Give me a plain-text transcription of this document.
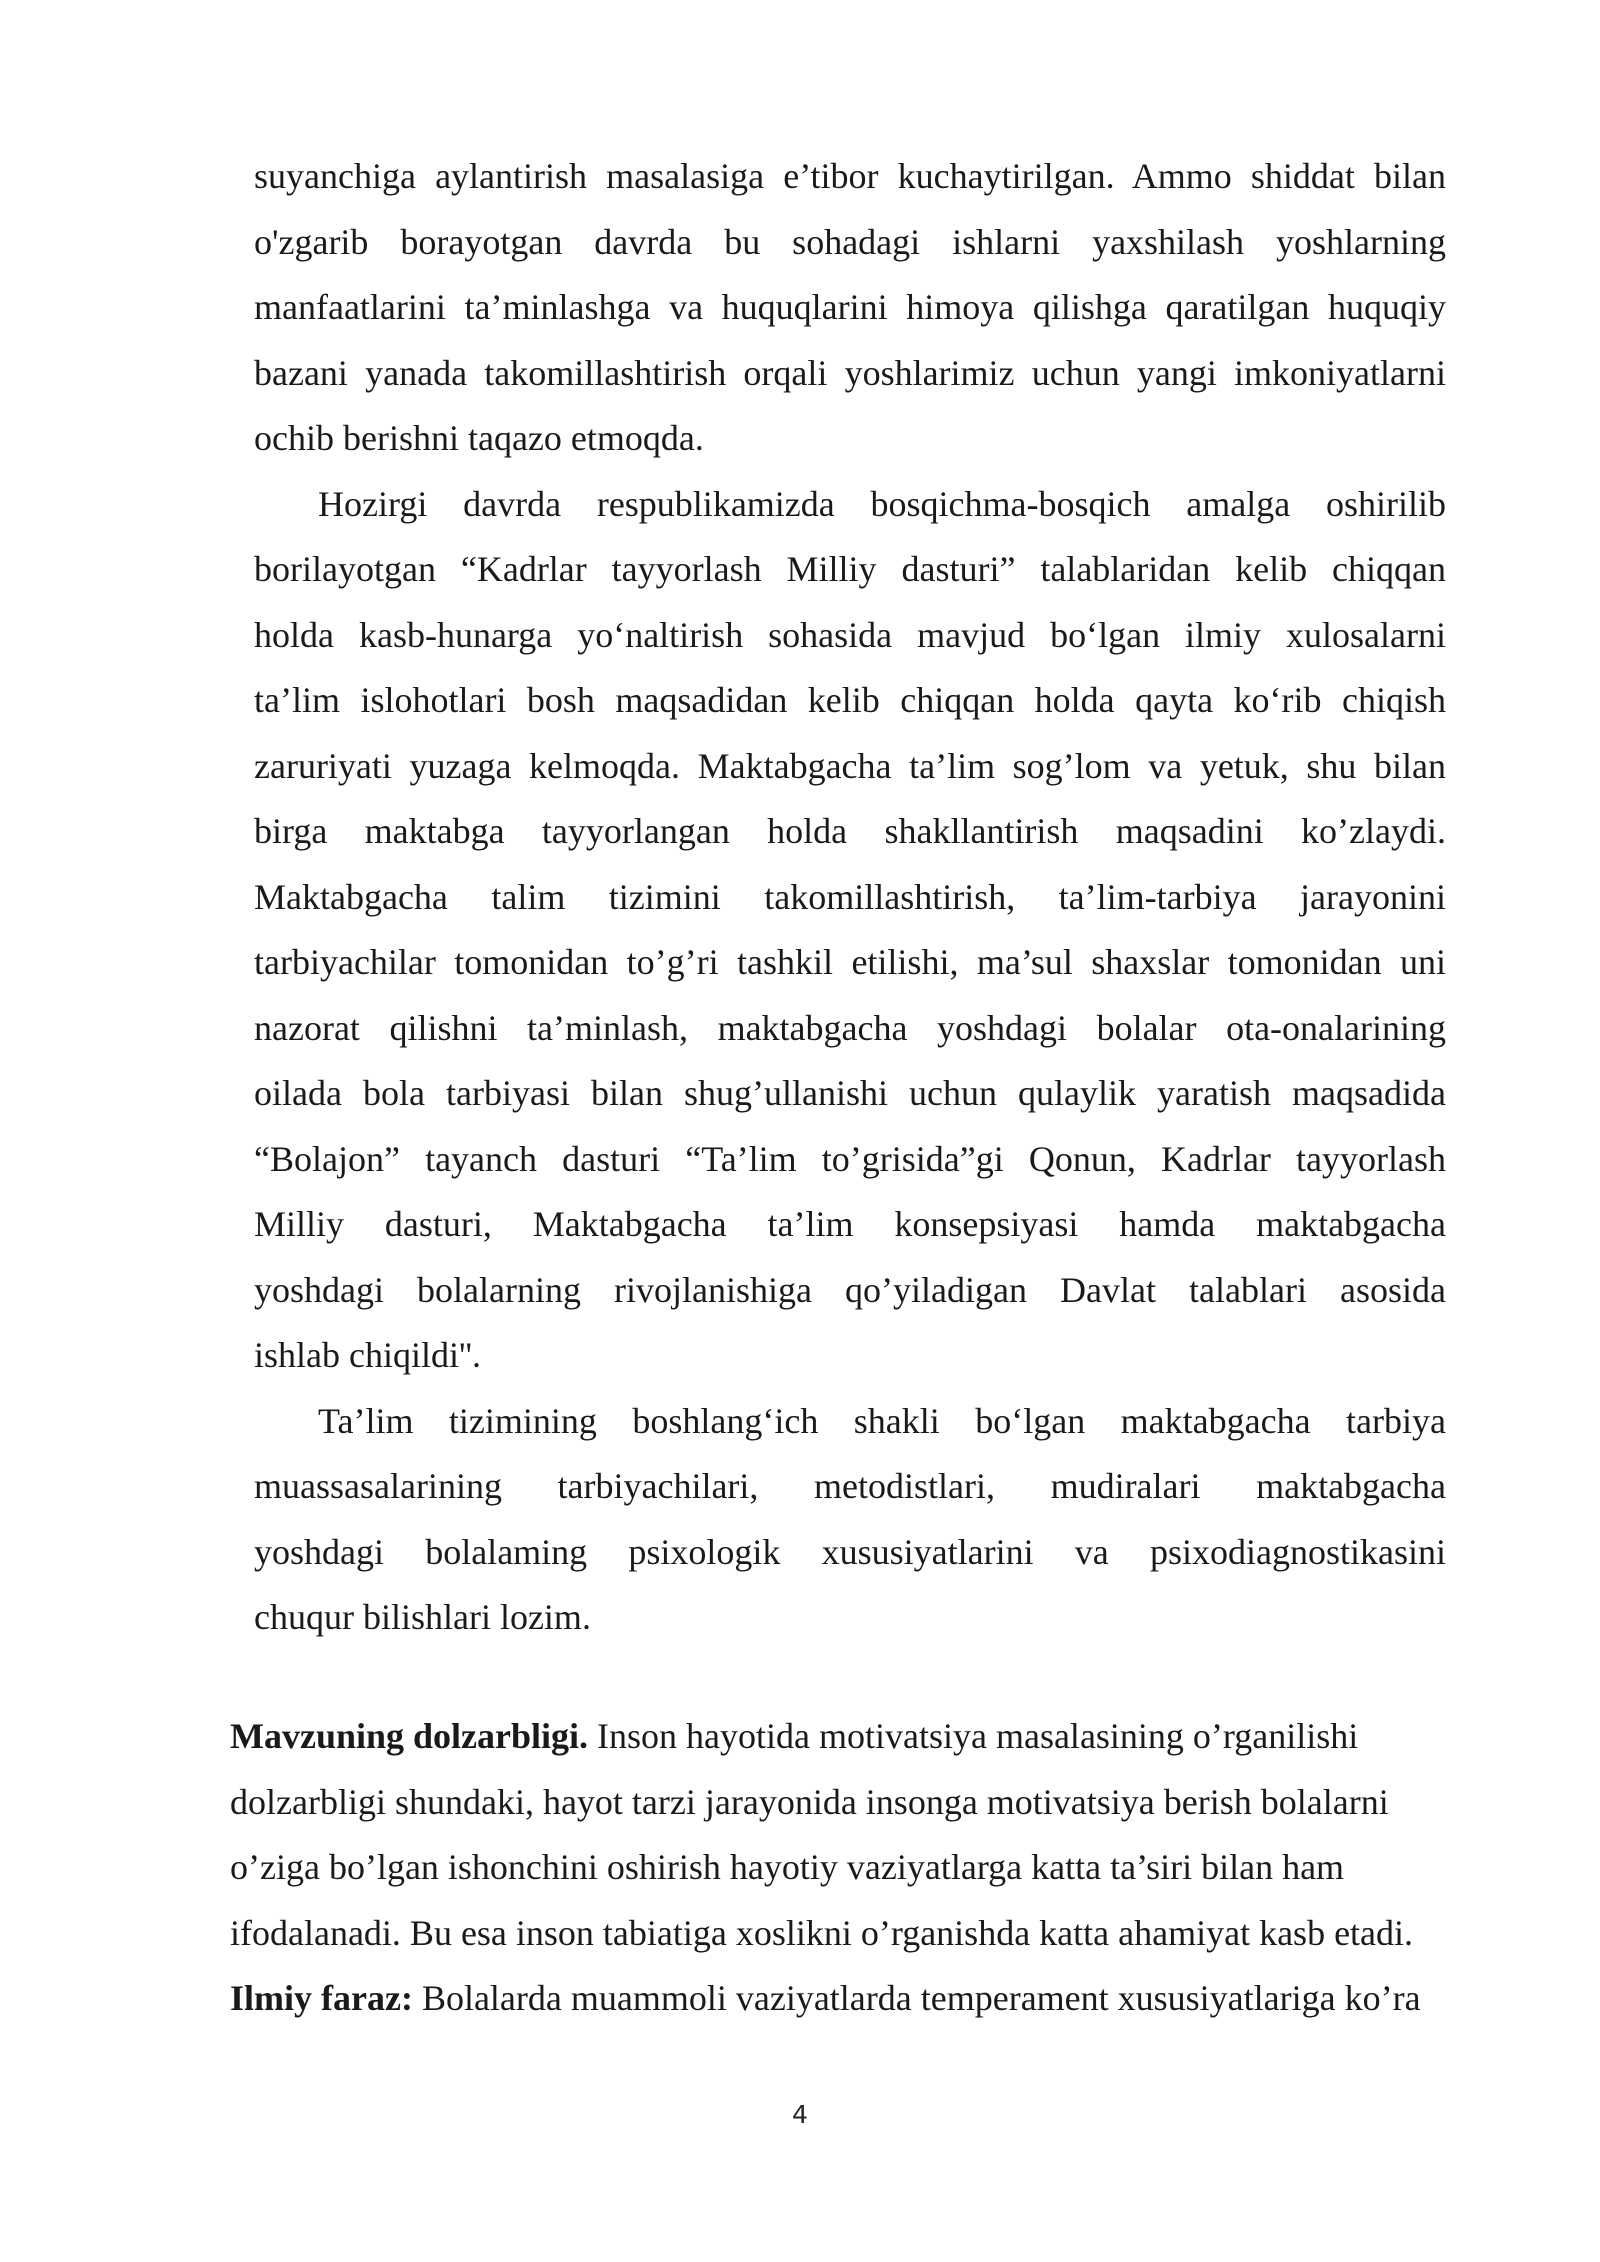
suyanchiga aylantirish masalasiga e’tibor kuchaytirilgan. Ammo shiddat bilan
o'zgarib borayotgan davrda bu sohadagi ishlarni yaxshilash yoshlarning
manfaatlarini ta’minlashga va huquqlarini himoya qilishga qaratilgan huquqiy
bazani yanada takomillashtirish orqali yoshlarimiz uchun yangi imkoniyatlarni
ochib berishni taqazo etmoqda.
Hozirgi davrda respublikamizda bosqichma-bosqich amalga oshirilib
borilayotgan “Kadrlar tayyorlash Milliy dasturi” talablaridan kelib chiqqan
holda kasb-hunarga yo‘naltirish sohasida mavjud bo‘lgan ilmiy xulosalarni
ta’lim islohotlari bosh maqsadidan kelib chiqqan holda qayta ko‘rib chiqish
zaruriyati yuzaga kelmoqda. Maktabgacha ta’lim sog’lom va yetuk, shu bilan
birga maktabga tayyorlangan holda shakllantirish maqsadini ko’zlaydi.
Maktabgacha talim tizimini takomillashtirish, ta’lim-tarbiya jarayonini
tarbiyachilar tomonidan to’g’ri tashkil etilishi, ma’sul shaxslar tomonidan uni
nazorat qilishni ta’minlash, maktabgacha yoshdagi bolalar ota-onalarining
oilada bola tarbiyasi bilan shug’ullanishi uchun qulaylik yaratish maqsadida
“Bolajon” tayanch dasturi “Ta’lim to’grisida”gi Qonun, Kadrlar tayyorlash
Milliy dasturi, Maktabgacha ta’lim konsepsiyasi hamda maktabgacha
yoshdagi bolalarning rivojlanishiga qo’yiladigan Davlat talablari asosida
ishlab chiqildi''.
Ta’lim tizimining boshlang‘ich shakli bo‘lgan maktabgacha tarbiya
muassasalarining tarbiyachilari, metodistlari, mudiralari maktabgacha
yoshdagi bolalaming psixologik xususiyatlarini va psixodiagnostikasini
chuqur bilishlari lozim.
Mavzuning dolzarbligi. Inson hayotida motivatsiya masalasining o’rganilishi
dolzarbligi shundaki, hayot tarzi jarayonida insonga motivatsiya berish bolalarni
o’ziga bo’lgan ishonchini oshirish hayotiy vaziyatlarga katta ta’siri bilan ham
ifodalanadi. Bu esa inson tabiatiga xoslikni o’rganishda katta ahamiyat kasb etadi.
Ilmiy faraz: Bolalarda muammoli vaziyatlarda temperament xususiyatlariga ko’ra
4
